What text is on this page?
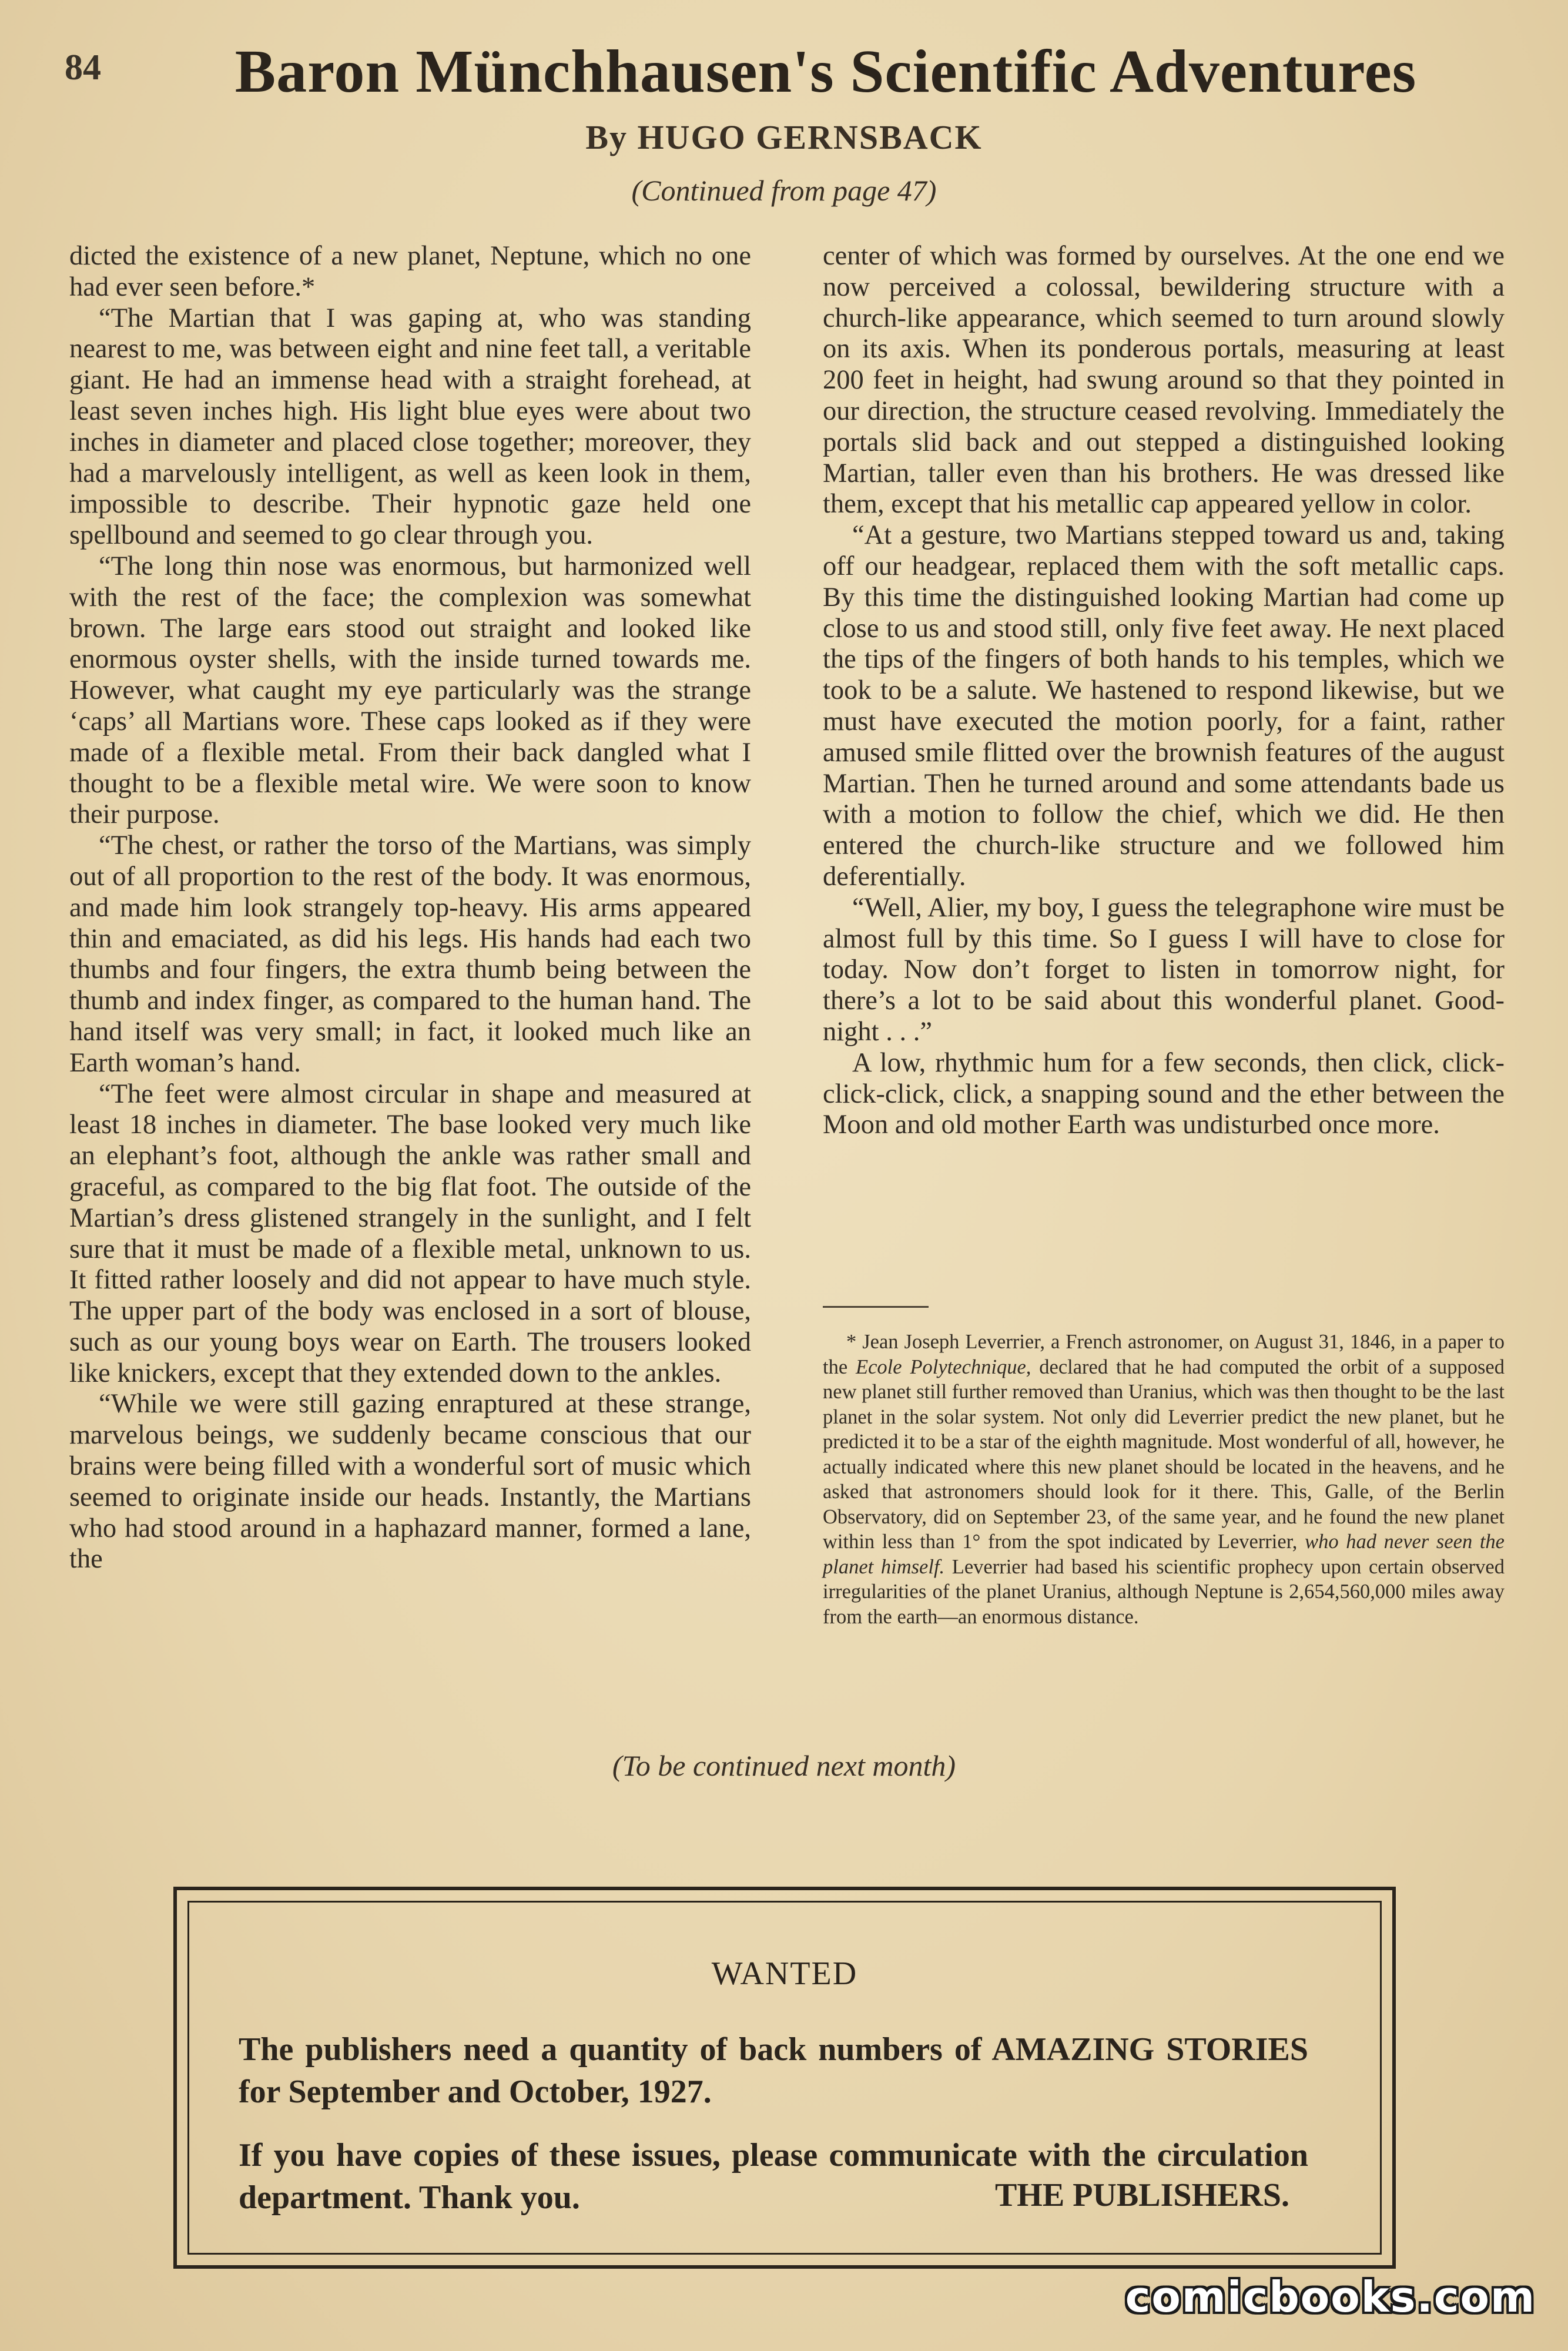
84	Baron Münchhausen's Scientific Adventures
By HUGO GERNSBACK
(Continued from page 47)

dicted the existence of a new planet, Neptune, which no one had ever seen before.*

“The Martian that I was gaping at, who was standing nearest to me, was between eight and nine feet tall, a veritable giant. He had an immense head with a straight forehead, at least seven inches high. His light blue eyes were about two inches in diameter and placed close together; moreover, they had a marvelously intelligent, as well as keen look in them, impossible to describe. Their hypnotic gaze held one spellbound and seemed to go clear through you.

“The long thin nose was enormous, but harmonized well with the rest of the face; the complexion was somewhat brown. The large ears stood out straight and looked like enormous oyster shells, with the inside turned towards me. However, what caught my eye particularly was the strange ‘caps’ all Martians wore. These caps looked as if they were made of a flexible metal. From their back dangled what I thought to be a flexible metal wire. We were soon to know their purpose.

“The chest, or rather the torso of the Martians, was simply out of all proportion to the rest of the body. It was enormous, and made him look strangely top-heavy. His arms appeared thin and emaciated, as did his legs. His hands had each two thumbs and four fingers, the extra thumb being between the thumb and index finger, as compared to the human hand. The hand itself was very small; in fact, it looked much like an Earth woman’s hand.

“The feet were almost circular in shape and measured at least 18 inches in diameter. The base looked very much like an elephant’s foot, although the ankle was rather small and graceful, as compared to the big flat foot. The outside of the Martian’s dress glistened strangely in the sunlight, and I felt sure that it must be made of a flexible metal, unknown to us. It fitted rather loosely and did not appear to have much style. The upper part of the body was enclosed in a sort of blouse, such as our young boys wear on Earth. The trousers looked like knickers, except that they extended down to the ankles.

“While we were still gazing enraptured at these strange, marvelous beings, we suddenly became conscious that our brains were being filled with a wonderful sort of music which seemed to originate inside our heads. Instantly, the Martians who had stood around in a haphazard manner, formed a lane, the

center of which was formed by ourselves. At the one end we now perceived a colossal, bewildering structure with a church-like appearance, which seemed to turn around slowly on its axis. When its ponderous portals, measuring at least 200 feet in height, had swung around so that they pointed in our direction, the structure ceased revolving. Immediately the portals slid back and out stepped a distinguished looking Martian, taller even than his brothers. He was dressed like them, except that his metallic cap appeared yellow in color.

“At a gesture, two Martians stepped toward us and, taking off our headgear, replaced them with the soft metallic caps. By this time the distinguished looking Martian had come up close to us and stood still, only five feet away. He next placed the tips of the fingers of both hands to his temples, which we took to be a salute. We hastened to respond likewise, but we must have executed the motion poorly, for a faint, rather amused smile flitted over the brownish features of the august Martian. Then he turned around and some attendants bade us with a motion to follow the chief, which we did. He then entered the church-like structure and we followed him deferentially.

“Well, Alier, my boy, I guess the telegraphone wire must be almost full by this time. So I guess I will have to close for today. Now don’t forget to listen in tomorrow night, for there’s a lot to be said about this wonderful planet. Good-night . . .”

A low, rhythmic hum for a few seconds, then click, click-click-click, click, a snapping sound and the ether between the Moon and old mother Earth was undisturbed once more.

* Jean Joseph Leverrier, a French astronomer, on August 31, 1846, in a paper to the Ecole Polytechnique, declared that he had computed the orbit of a supposed new planet still further removed than Uranius, which was then thought to be the last planet in the solar system. Not only did Leverrier predict the new planet, but he predicted it to be a star of the eighth magnitude. Most wonderful of all, however, he actually indicated where this new planet should be located in the heavens, and he asked that astronomers should look for it there. This, Galle, of the Berlin Observatory, did on September 23, of the same year, and he found the new planet within less than 1° from the spot indicated by Leverrier, who had never seen the planet himself. Leverrier had based his scientific prophecy upon certain observed irregularities of the planet Uranius, although Neptune is 2,654,560,000 miles away from the earth—an enormous distance.

(To be continued next month)
WANTED
The publishers need a quantity of back numbers of AMAZING STORIES for September and October, 1927.
If you have copies of these issues, please communicate with the circulation department. Thank you.	THE PUBLISHERS.
comicbooks.com
